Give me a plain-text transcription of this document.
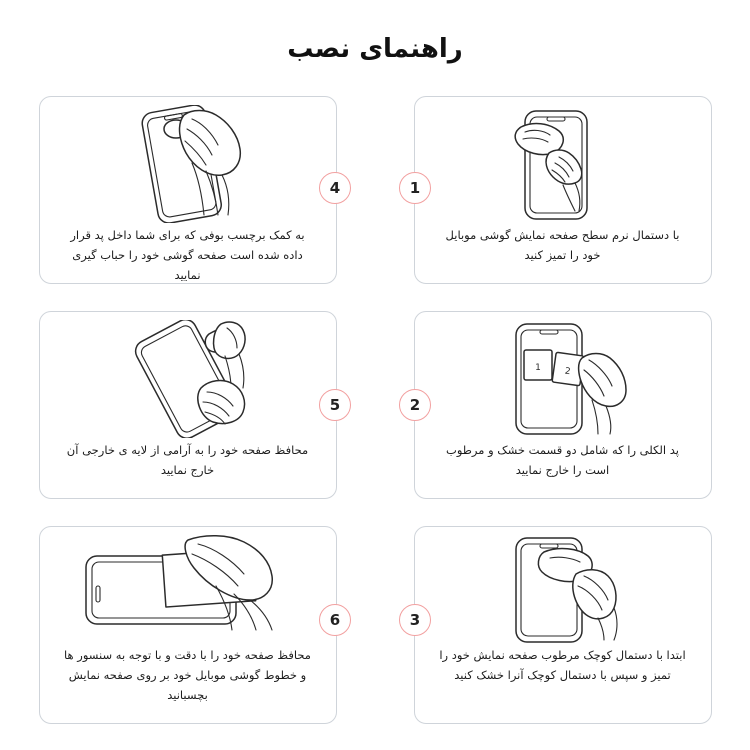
راهنمای نصب
1
با دستمال نرم سطح صفحه نمایش گوشی موبایل خود را تمیز کنید
4
به کمک برچسب بوفی که برای شما داخل پد قرار داده شده است صفحه گوشی خود را حباب گیری نمایید
2
1	2
پد الکلی را که شامل دو قسمت خشک و مرطوب است را خارج نمایید
5
محافظ صفحه خود را به آرامی از لایه ی خارجی آن خارج نمایید
3
ابتدا با دستمال کوچک مرطوب صفحه نمایش خود را تمیز و سپس با دستمال کوچک آنرا خشک کنید
6
محافظ صفحه خود را با دقت و با توجه به سنسور ها و خطوط گوشی موبایل خود بر روی صفحه نمایش بچسبانید
